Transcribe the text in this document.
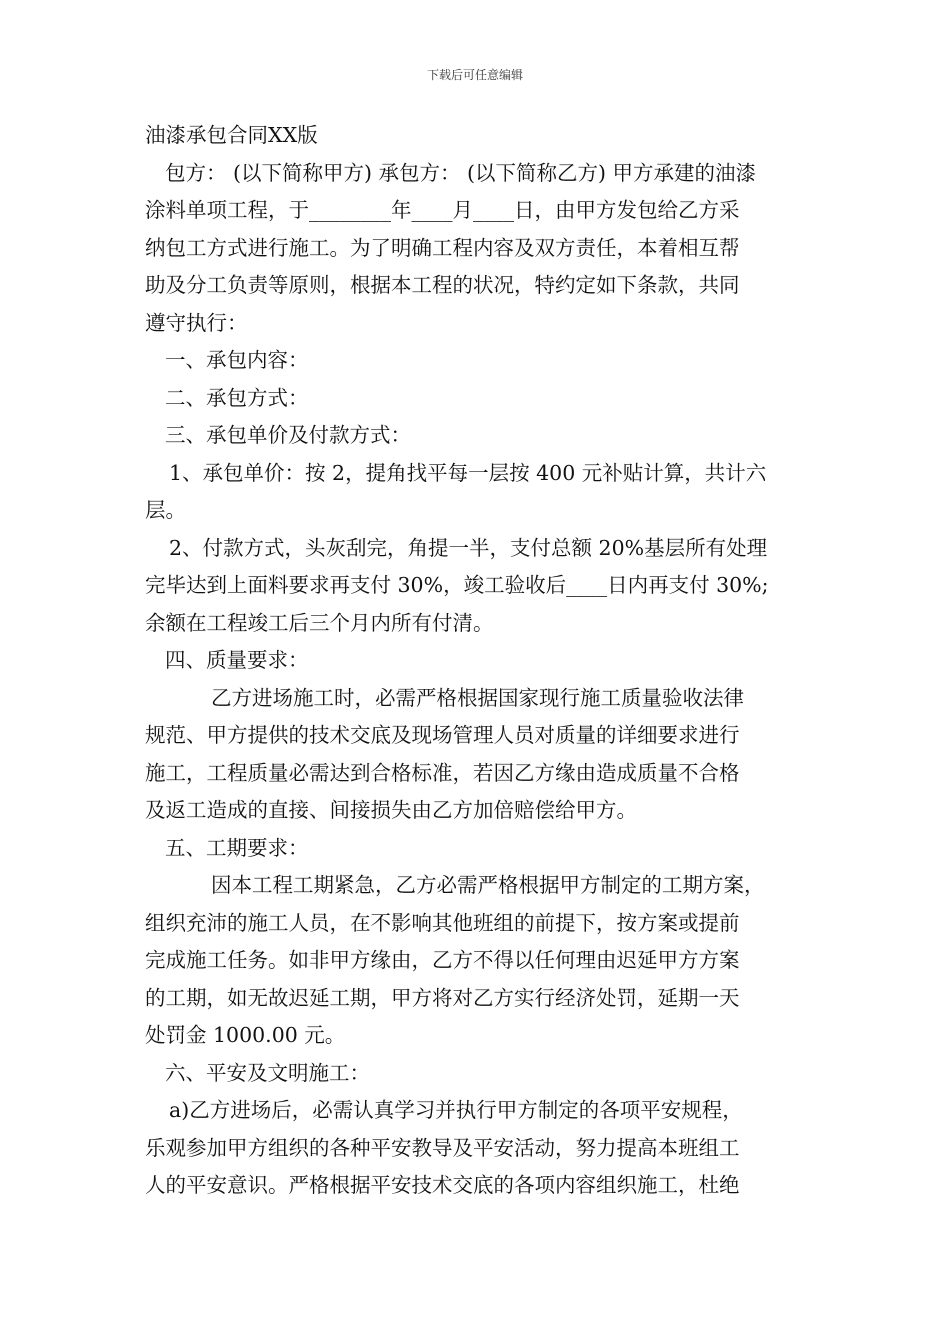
下载后可任意编辑
油漆承包合同XX版
包方： (以下简称甲方) 承包方： (以下简称乙方) 甲方承建的油漆
涂料单项工程，于________年____月____日，由甲方发包给乙方采
纳包工方式进行施工。为了明确工程内容及双方责任，本着相互帮
助及分工负责等原则，根据本工程的状况，特约定如下条款，共同
遵守执行：
一、承包内容：
二、承包方式：
三、承包单价及付款方式：
1、承包单价：按 2，提角找平每一层按 400 元补贴计算，共计六
层。
2、付款方式，头灰刮完，角提一半，支付总额 20%基层所有处理
完毕达到上面料要求再支付 30%，竣工验收后____日内再支付 30%;
余额在工程竣工后三个月内所有付清。
四、质量要求：
乙方进场施工时，必需严格根据国家现行施工质量验收法律
规范、甲方提供的技术交底及现场管理人员对质量的详细要求进行
施工，工程质量必需达到合格标准，若因乙方缘由造成质量不合格
及返工造成的直接、间接损失由乙方加倍赔偿给甲方。
五、工期要求：
因本工程工期紧急，乙方必需严格根据甲方制定的工期方案，
组织充沛的施工人员，在不影响其他班组的前提下，按方案或提前
完成施工任务。如非甲方缘由，乙方不得以任何理由迟延甲方方案
的工期，如无故迟延工期，甲方将对乙方实行经济处罚，延期一天
处罚金 1000.00 元。
六、平安及文明施工：
a)乙方进场后，必需认真学习并执行甲方制定的各项平安规程，
乐观参加甲方组织的各种平安教导及平安活动，努力提高本班组工
人的平安意识。严格根据平安技术交底的各项内容组织施工，杜绝
